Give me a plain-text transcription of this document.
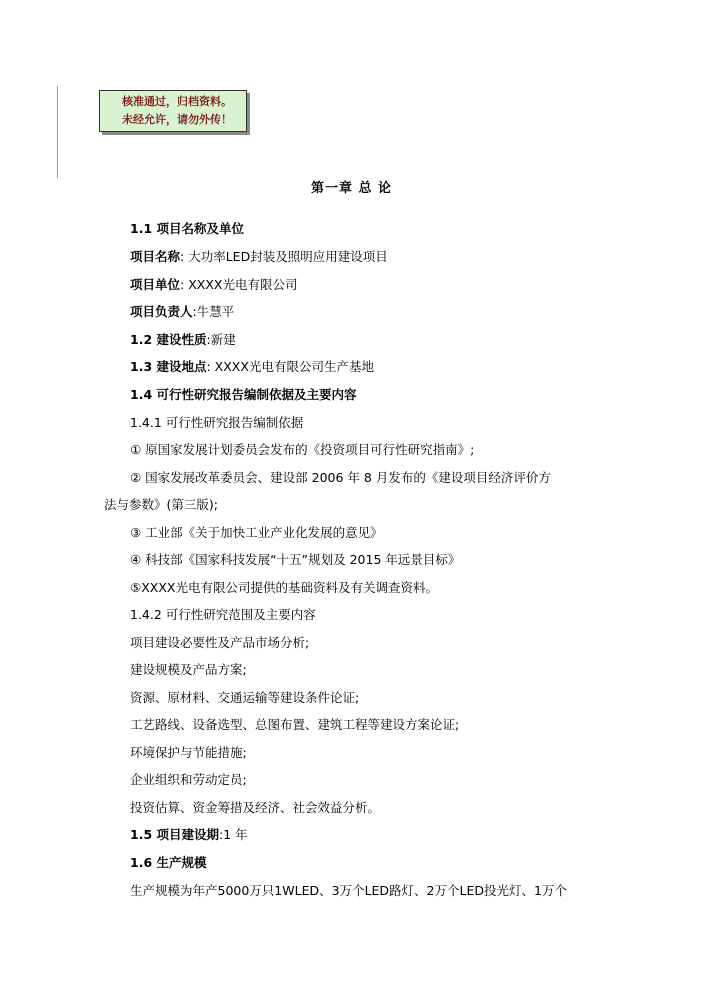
核准通过，归档资料。
未经允许，请勿外传！
第一章 总 论
1.1 项目名称及单位
项目名称: 大功率LED封装及照明应用建设项目
项目单位: XXXX光电有限公司
项目负责人:牛慧平
1.2 建设性质:新建
1.3 建设地点: XXXX光电有限公司生产基地
1.4 可行性研究报告编制依据及主要内容
1.4.1 可行性研究报告编制依据
① 原国家发展计划委员会发布的《投资项目可行性研究指南》;
② 国家发展改革委员会、建设部 2006 年 8 月发布的《建设项目经济评价方
法与参数》(第三版);
③ 工业部《关于加快工业产业化发展的意见》
④ 科技部《国家科技发展“十五”规划及 2015 年远景目标》
⑤XXXX光电有限公司提供的基础资料及有关调查资料。
1.4.2 可行性研究范围及主要内容
项目建设必要性及产品市场分析;
建设规模及产品方案;
资源、原材料、交通运输等建设条件论证;
工艺路线、设备选型、总图布置、建筑工程等建设方案论证;
环境保护与节能措施;
企业组织和劳动定员;
投资估算、资金筹措及经济、社会效益分析。
1.5 项目建设期:1 年
1.6 生产规模
生产规模为年产5000万只1WLED、3万个LED路灯、2万个LED投光灯、1万个
